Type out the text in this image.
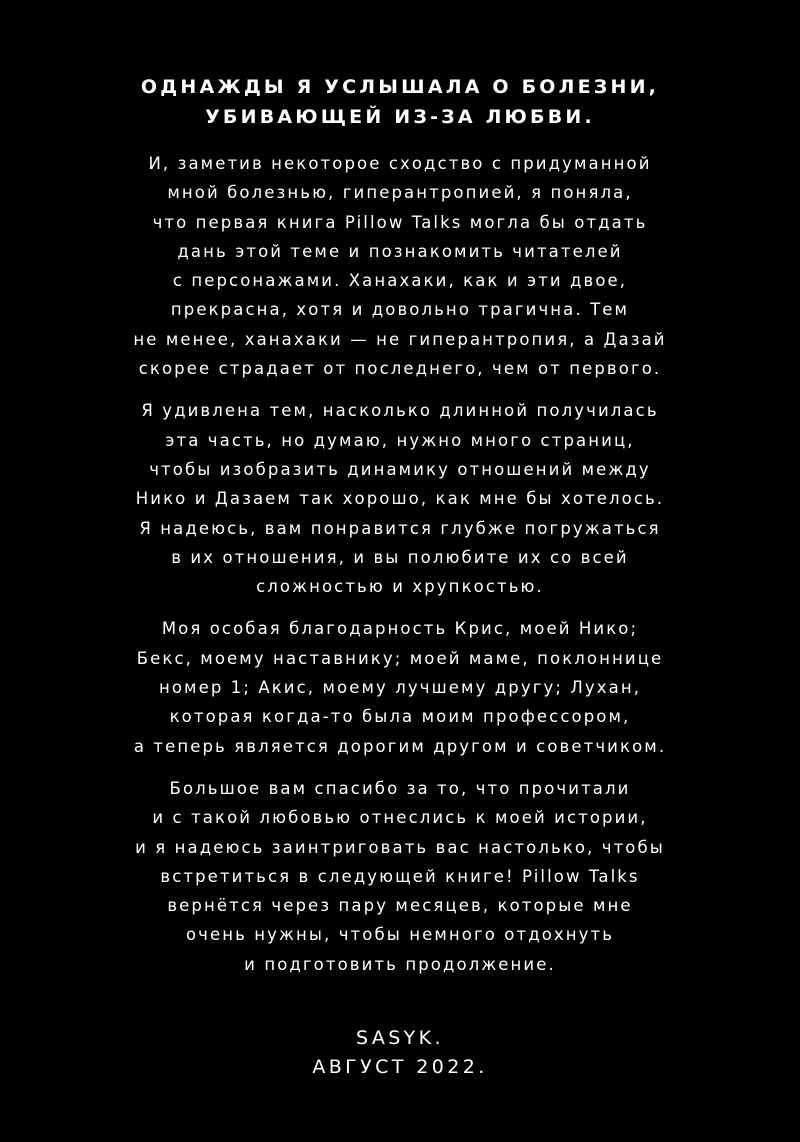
ОДНАЖДЫ Я УСЛЫШАЛА О БОЛЕЗНИ,
УБИВАЮЩЕЙ ИЗ-ЗА ЛЮБВИ.
И, заметив некоторое сходство с придуманной
мной болезнью, гиперантропией, я поняла,
что первая книга Pillow Talks могла бы отдать
дань этой теме и познакомить читателей
с персонажами. Ханахаки, как и эти двое,
прекрасна, хотя и довольно трагична. Тем
не менее, ханахаки — не гиперантропия, а Дазай
скорее страдает от последнего, чем от первого.
Я удивлена тем, насколько длинной получилась
эта часть, но думаю, нужно много страниц,
чтобы изобразить динамику отношений между
Нико и Дазаем так хорошо, как мне бы хотелось.
Я надеюсь, вам понравится глубже погружаться
в их отношения, и вы полюбите их со всей
сложностью и хрупкостью.
Моя особая благодарность Крис, моей Нико;
Бекс, моему наставнику; моей маме, поклоннице
номер 1; Акис, моему лучшему другу; Лухан,
которая когда-то была моим профессором,
а теперь является дорогим другом и советчиком.
Большое вам спасибо за то, что прочитали
и с такой любовью отнеслись к моей истории,
и я надеюсь заинтриговать вас настолько, чтобы
встретиться в следующей книге! Pillow Talks
вернётся через пару месяцев, которые мне
очень нужны, чтобы немного отдохнуть
и подготовить продолжение.
SASYK.
АВГУСТ 2022.
